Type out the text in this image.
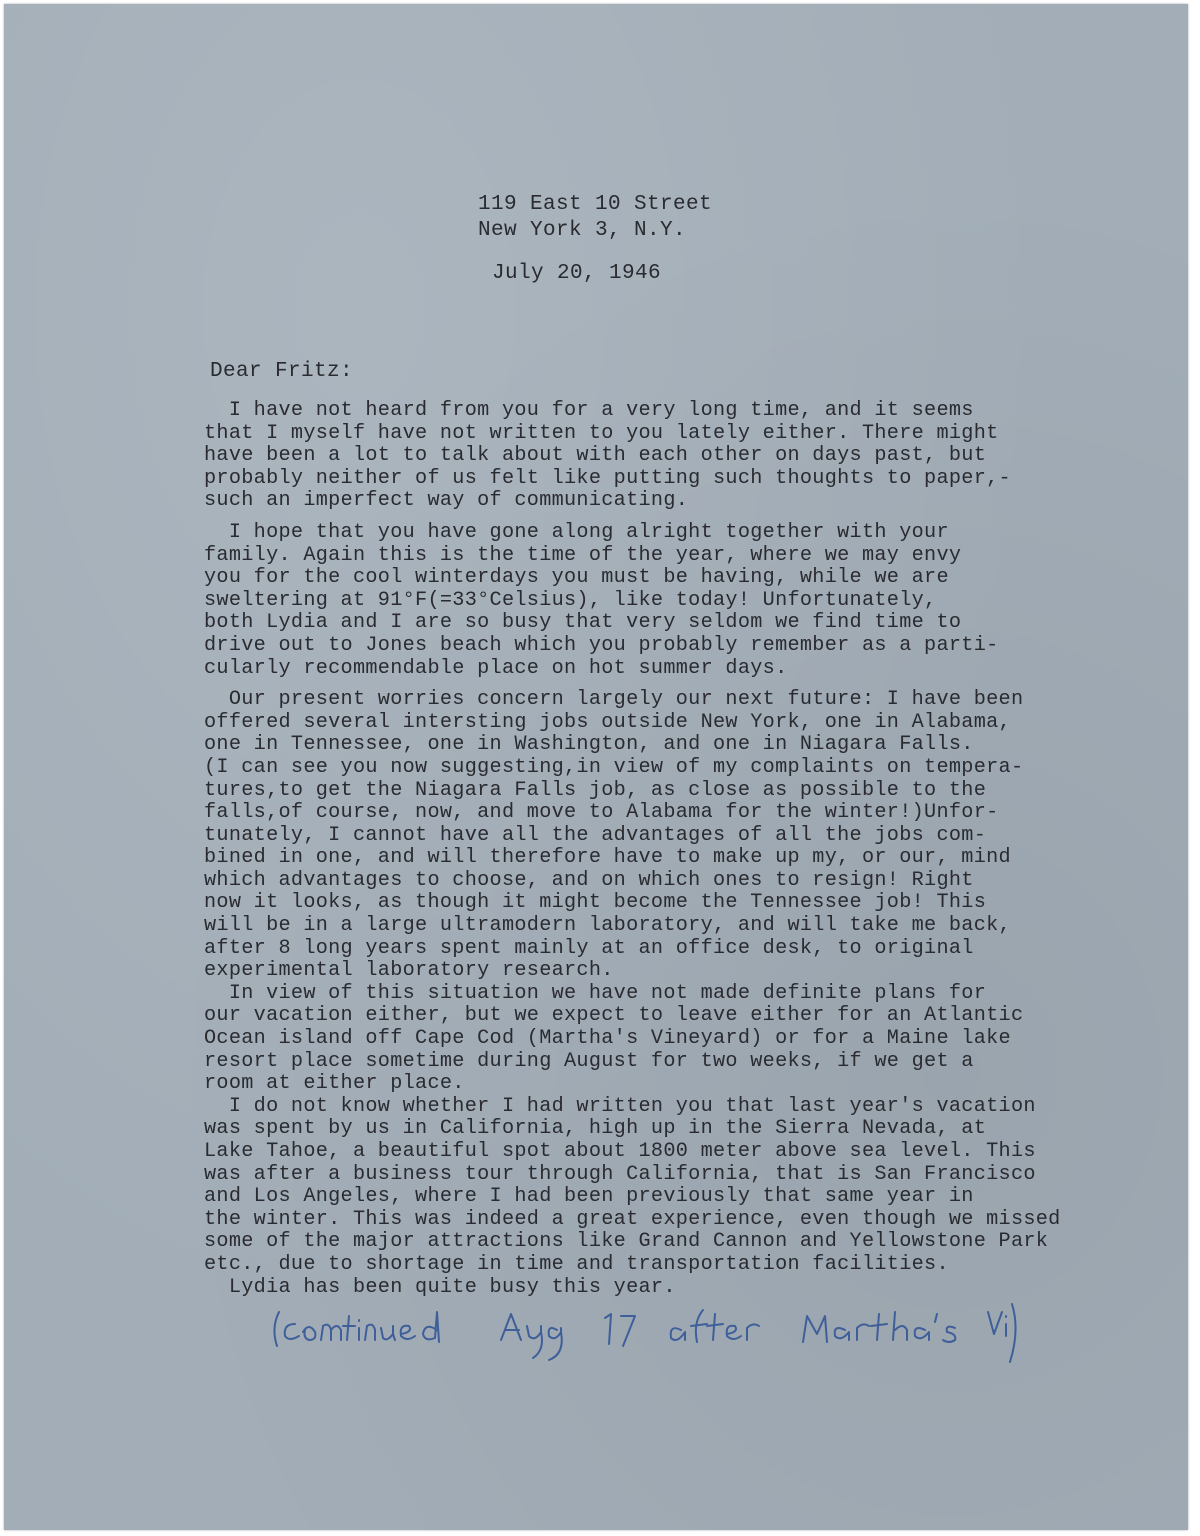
119 East 10 Street
New York 3, N.Y.
July 20, 1946
Dear Fritz:
I have not heard from you for a very long time, and it seems
that I myself have not written to you lately either. There might
have been a lot to talk about with each other on days past, but
probably neither of us felt like putting such thoughts to paper,-
such an imperfect way of communicating.
I hope that you have gone along alright together with your
family. Again this is the time of the year, where we may envy
you for the cool winterdays you must be having, while we are
sweltering at 91°F(=33°Celsius), like today! Unfortunately,
both Lydia and I are so busy that very seldom we find time to
drive out to Jones beach which you probably remember as a parti-
cularly recommendable place on hot summer days.
Our present worries concern largely our next future: I have been
offered several intersting jobs outside New York, one in Alabama,
one in Tennessee, one in Washington, and one in Niagara Falls.
(I can see you now suggesting,in view of my complaints on tempera-
tures,to get the Niagara Falls job, as close as possible to the
falls,of course, now, and move to Alabama for the winter!)Unfor-
tunately, I cannot have all the advantages of all the jobs com-
bined in one, and will therefore have to make up my, or our, mind
which advantages to choose, and on which ones to resign! Right
now it looks, as though it might become the Tennessee job! This
will be in a large ultramodern laboratory, and will take me back,
after 8 long years spent mainly at an office desk, to original
experimental laboratory research.
In view of this situation we have not made definite plans for
our vacation either, but we expect to leave either for an Atlantic
Ocean island off Cape Cod (Martha's Vineyard) or for a Maine lake
resort place sometime during August for two weeks, if we get a
room at either place.
I do not know whether I had written you that last year's vacation
was spent by us in California, high up in the Sierra Nevada, at
Lake Tahoe, a beautiful spot about 1800 meter above sea level. This
was after a business tour through California, that is San Francisco
and Los Angeles, where I had been previously that same year in
the winter. This was indeed a great experience, even though we missed
some of the major attractions like Grand Cannon and Yellowstone Park
etc., due to shortage in time and transportation facilities.
Lydia has been quite busy this year.
